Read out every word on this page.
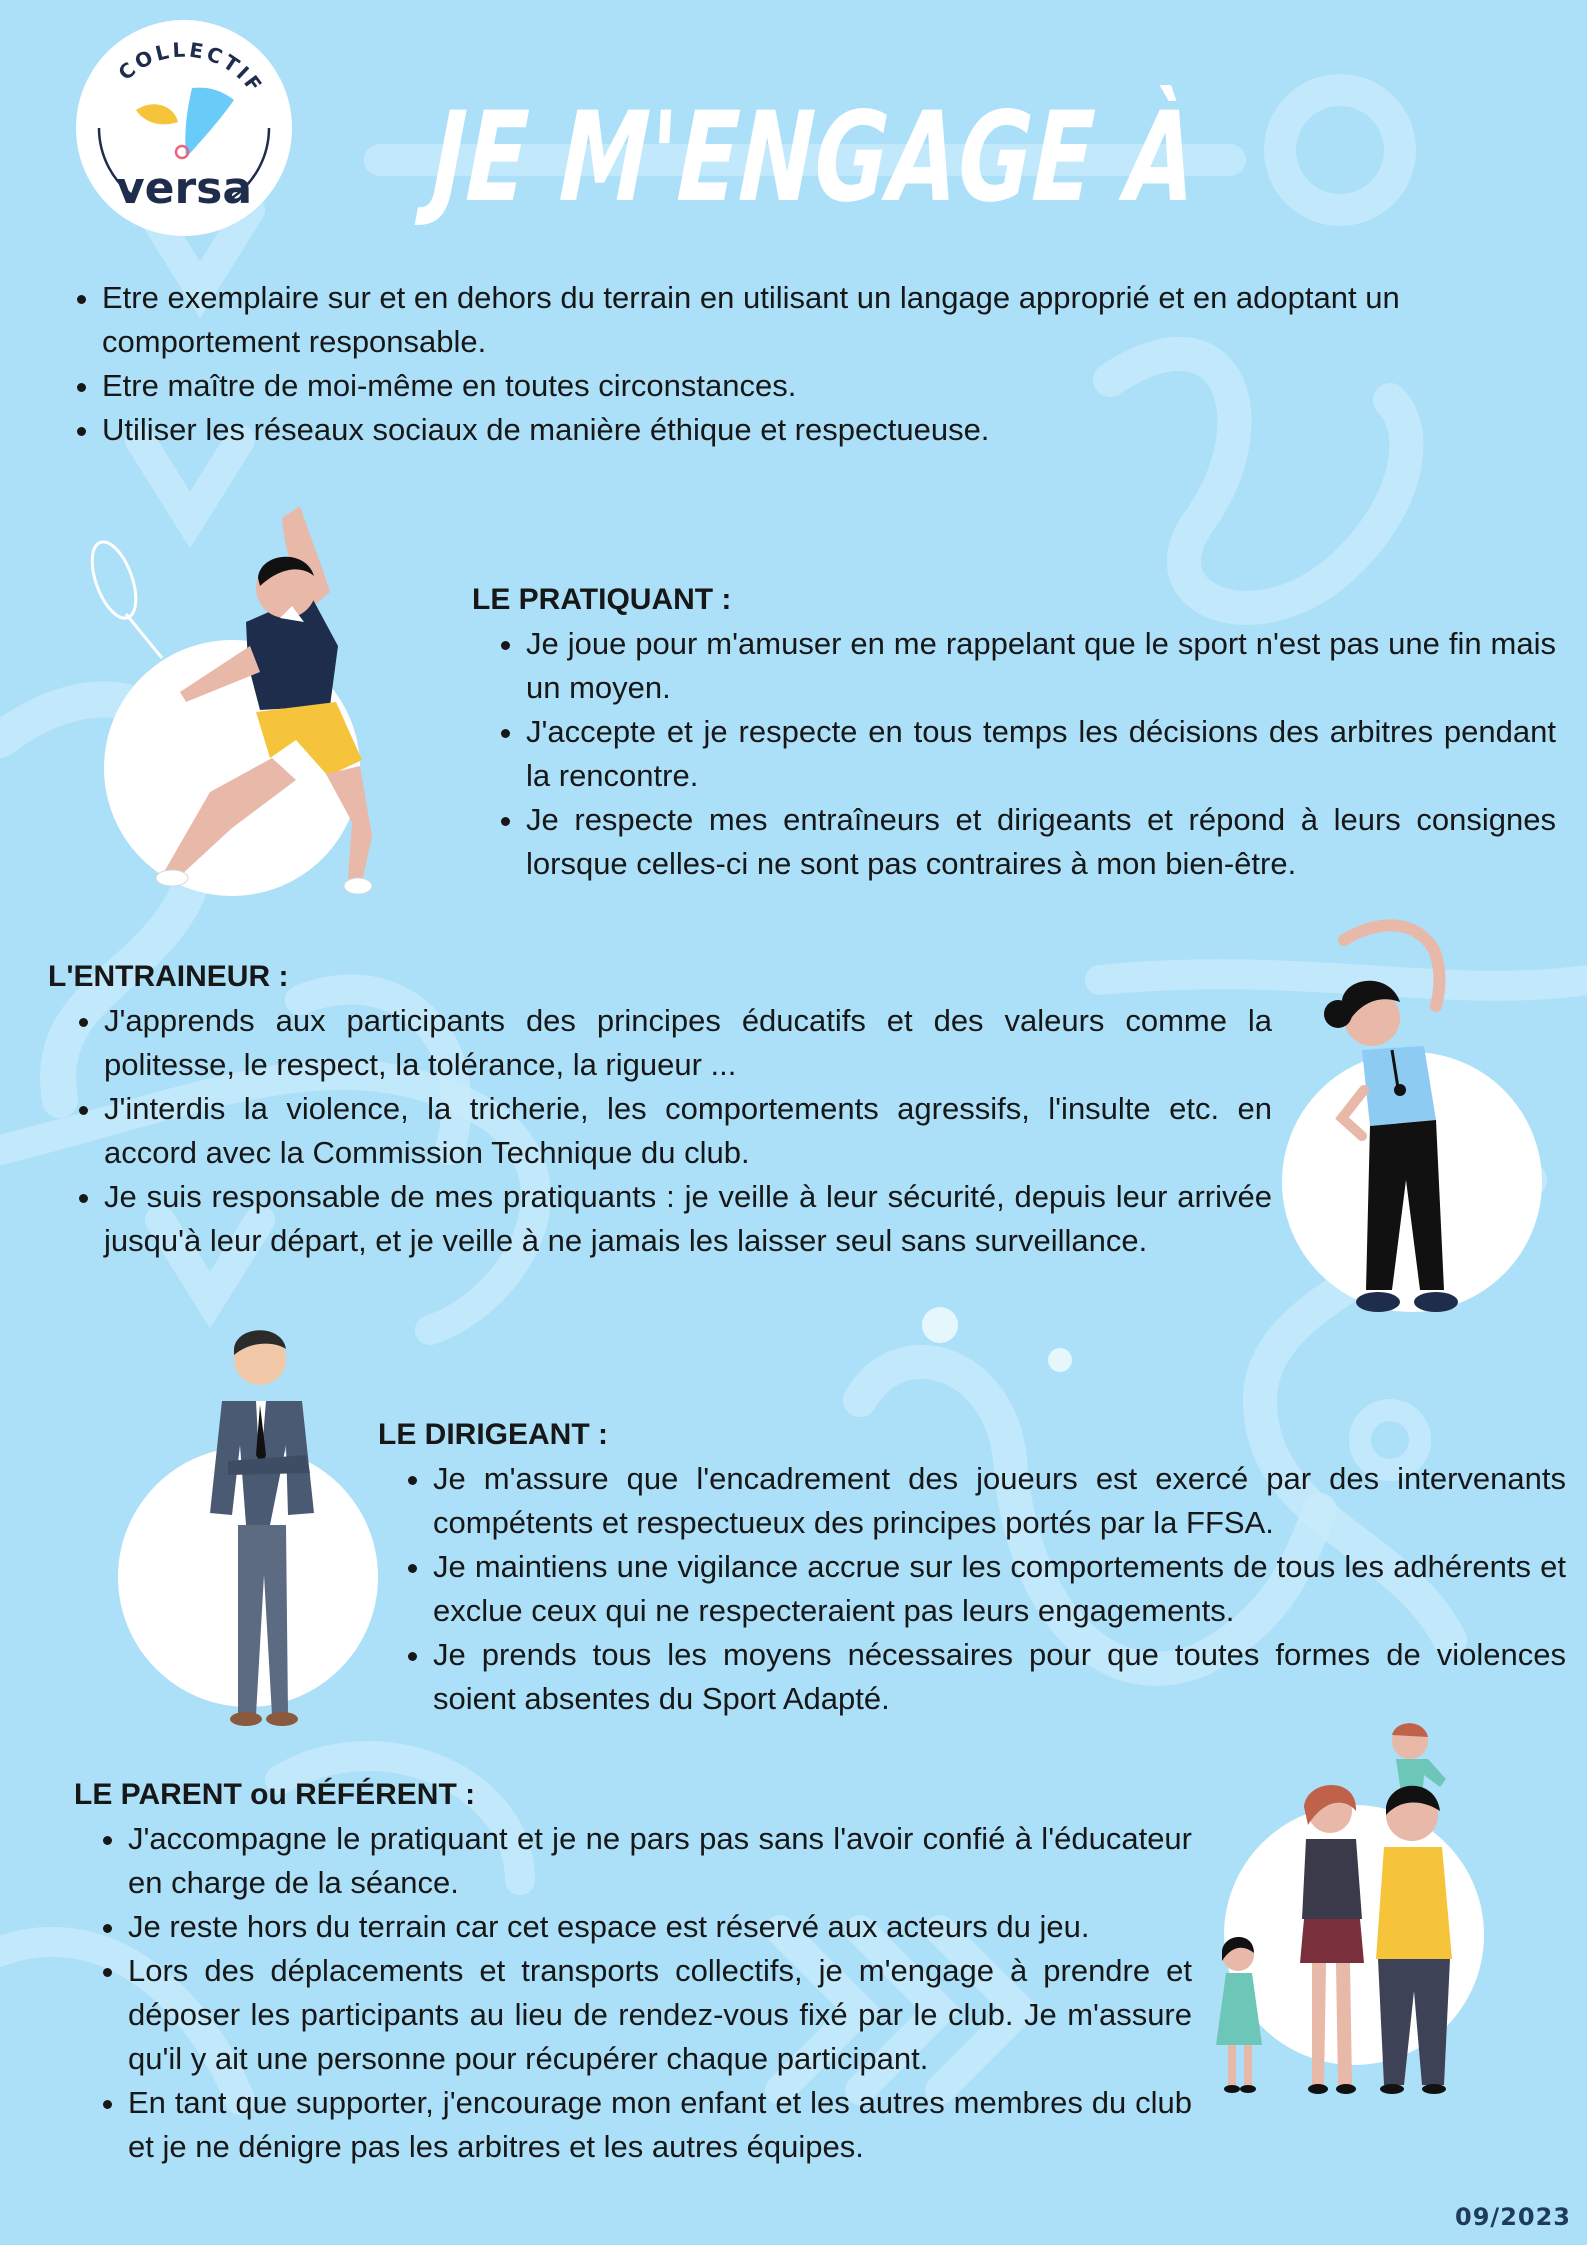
COLLECTIF
versa JE M'ENGAGE À
• Etre exemplaire sur et en dehors du terrain en utilisant un langage approprié et en adoptant un comportement responsable.
• Etre maître de moi-même en toutes circonstances.
• Utiliser les réseaux sociaux de manière éthique et respectueuse.

LE PRATIQUANT :

• Je joue pour m'amuser en me rappelant que le sport n'est pas une fin mais un moyen.
• J'accepte et je respecte en tous temps les décisions des arbitres pendant la rencontre.
• Je respecte mes entraîneurs et dirigeants et répond à leurs consignes lorsque celles-ci ne sont pas contraires à mon bien-être.

L'ENTRAINEUR :

• J'apprends aux participants des principes éducatifs et des valeurs comme la politesse, le respect, la tolérance, la rigueur ...
• J'interdis la violence, la tricherie, les comportements agressifs, l'insulte etc. en accord avec la Commission Technique du club.
• Je suis responsable de mes pratiquants : je veille à leur sécurité, depuis leur arrivée jusqu'à leur départ, et je veille à ne jamais les laisser seul sans surveillance.

LE DIRIGEANT :

• Je m'assure que l'encadrement des joueurs est exercé par des intervenants compétents et respectueux des principes portés par la FFSA.
• Je maintiens une vigilance accrue sur les comportements de tous les adhérents et exclue ceux qui ne respecteraient pas leurs engagements.
• Je prends tous les moyens nécessaires pour que toutes formes de violences soient absentes du Sport Adapté.

LE PARENT ou RÉFÉRENT :

• J'accompagne le pratiquant et je ne pars pas sans l'avoir confié à l'éducateur en charge de la séance.
• Je reste hors du terrain car cet espace est réservé aux acteurs du jeu.
• Lors des déplacements et transports collectifs, je m'engage à prendre et déposer les participants au lieu de rendez-vous fixé par le club. Je m'assure qu'il y ait une personne pour récupérer chaque participant.
• En tant que supporter, j'encourage mon enfant et les autres membres du club et je ne dénigre pas les arbitres et les autres équipes.
09/2023
